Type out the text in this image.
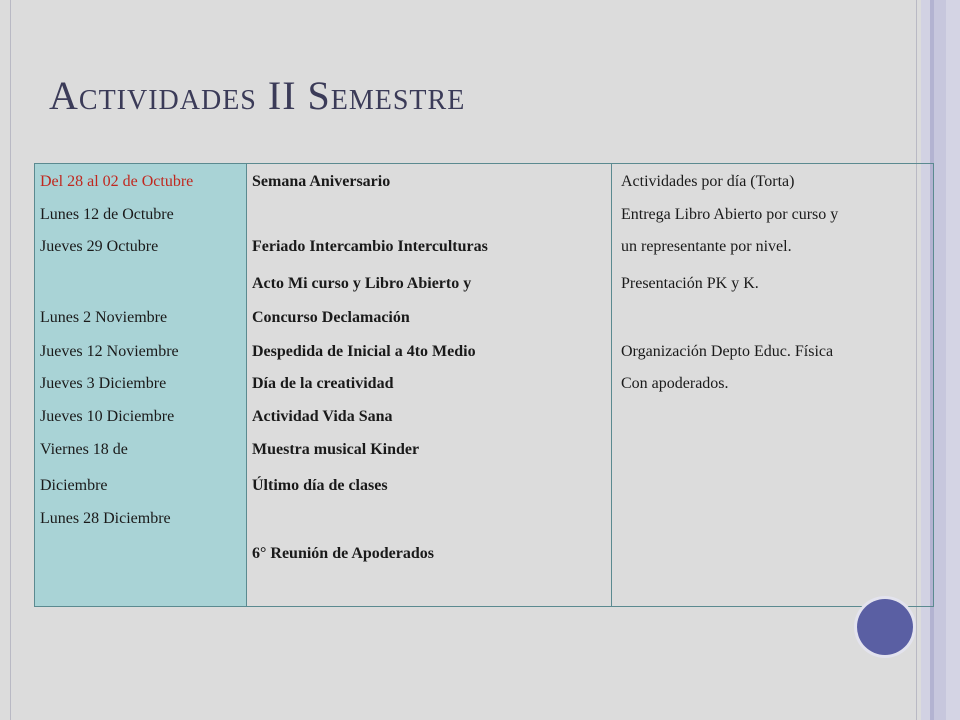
Actividades II Semestre
Del 28 al 02 de Octubre
Lunes 12 de Octubre
Jueves 29 Octubre
Lunes 2 Noviembre
Jueves 12 Noviembre
Jueves 3 Diciembre
Jueves 10 Diciembre
Viernes 18 de
Diciembre
Lunes 28 Diciembre
Semana Aniversario
Feriado Intercambio Interculturas
Acto Mi curso y Libro Abierto y
Concurso Declamación
Despedida de Inicial a 4to Medio
Día de la creatividad
Actividad Vida Sana
Muestra musical Kinder
Último día de clases
6° Reunión de Apoderados
Actividades por día (Torta)
Entrega Libro Abierto por curso y
un representante por nivel.
Presentación PK y K.
Organización Depto Educ. Física
Con apoderados.
